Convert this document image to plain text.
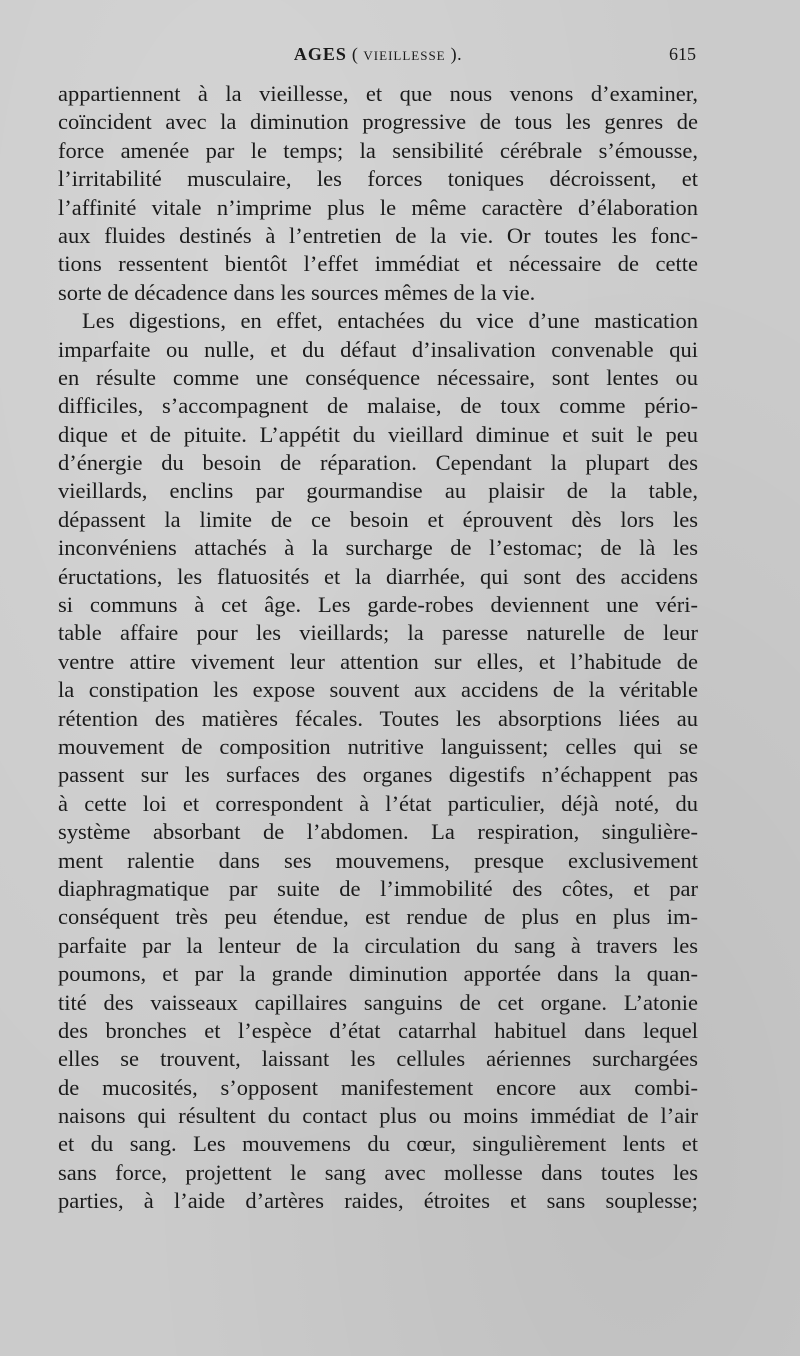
AGES ( VIEILLESSE ).	615
appartiennent à la vieillesse, et que nous venons d’examiner,
coïncident avec la diminution progressive de tous les genres de
force amenée par le temps; la sensibilité cérébrale s’émousse,
l’irritabilité musculaire, les forces toniques décroissent, et
l’affinité vitale n’imprime plus le même caractère d’élaboration
aux fluides destinés à l’entretien de la vie. Or toutes les fonc-
tions ressentent bientôt l’effet immédiat et nécessaire de cette
sorte de décadence dans les sources mêmes de la vie.
Les digestions, en effet, entachées du vice d’une mastication
imparfaite ou nulle, et du défaut d’insalivation convenable qui
en résulte comme une conséquence nécessaire, sont lentes ou
difficiles, s’accompagnent de malaise, de toux comme pério-
dique et de pituite. L’appétit du vieillard diminue et suit le peu
d’énergie du besoin de réparation. Cependant la plupart des
vieillards, enclins par gourmandise au plaisir de la table,
dépassent la limite de ce besoin et éprouvent dès lors les
inconvéniens attachés à la surcharge de l’estomac; de là les
éructations, les flatuosités et la diarrhée, qui sont des accidens
si communs à cet âge. Les garde-robes deviennent une véri-
table affaire pour les vieillards; la paresse naturelle de leur
ventre attire vivement leur attention sur elles, et l’habitude de
la constipation les expose souvent aux accidens de la véritable
rétention des matières fécales. Toutes les absorptions liées au
mouvement de composition nutritive languissent; celles qui se
passent sur les surfaces des organes digestifs n’échappent pas
à cette loi et correspondent à l’état particulier, déjà noté, du
système absorbant de l’abdomen. La respiration, singulière-
ment ralentie dans ses mouvemens, presque exclusivement
diaphragmatique par suite de l’immobilité des côtes, et par
conséquent très peu étendue, est rendue de plus en plus im-
parfaite par la lenteur de la circulation du sang à travers les
poumons, et par la grande diminution apportée dans la quan-
tité des vaisseaux capillaires sanguins de cet organe. L’atonie
des bronches et l’espèce d’état catarrhal habituel dans lequel
elles se trouvent, laissant les cellules aériennes surchargées
de mucosités, s’opposent manifestement encore aux combi-
naisons qui résultent du contact plus ou moins immédiat de l’air
et du sang. Les mouvemens du cœur, singulièrement lents et
sans force, projettent le sang avec mollesse dans toutes les
parties, à l’aide d’artères raides, étroites et sans souplesse;
